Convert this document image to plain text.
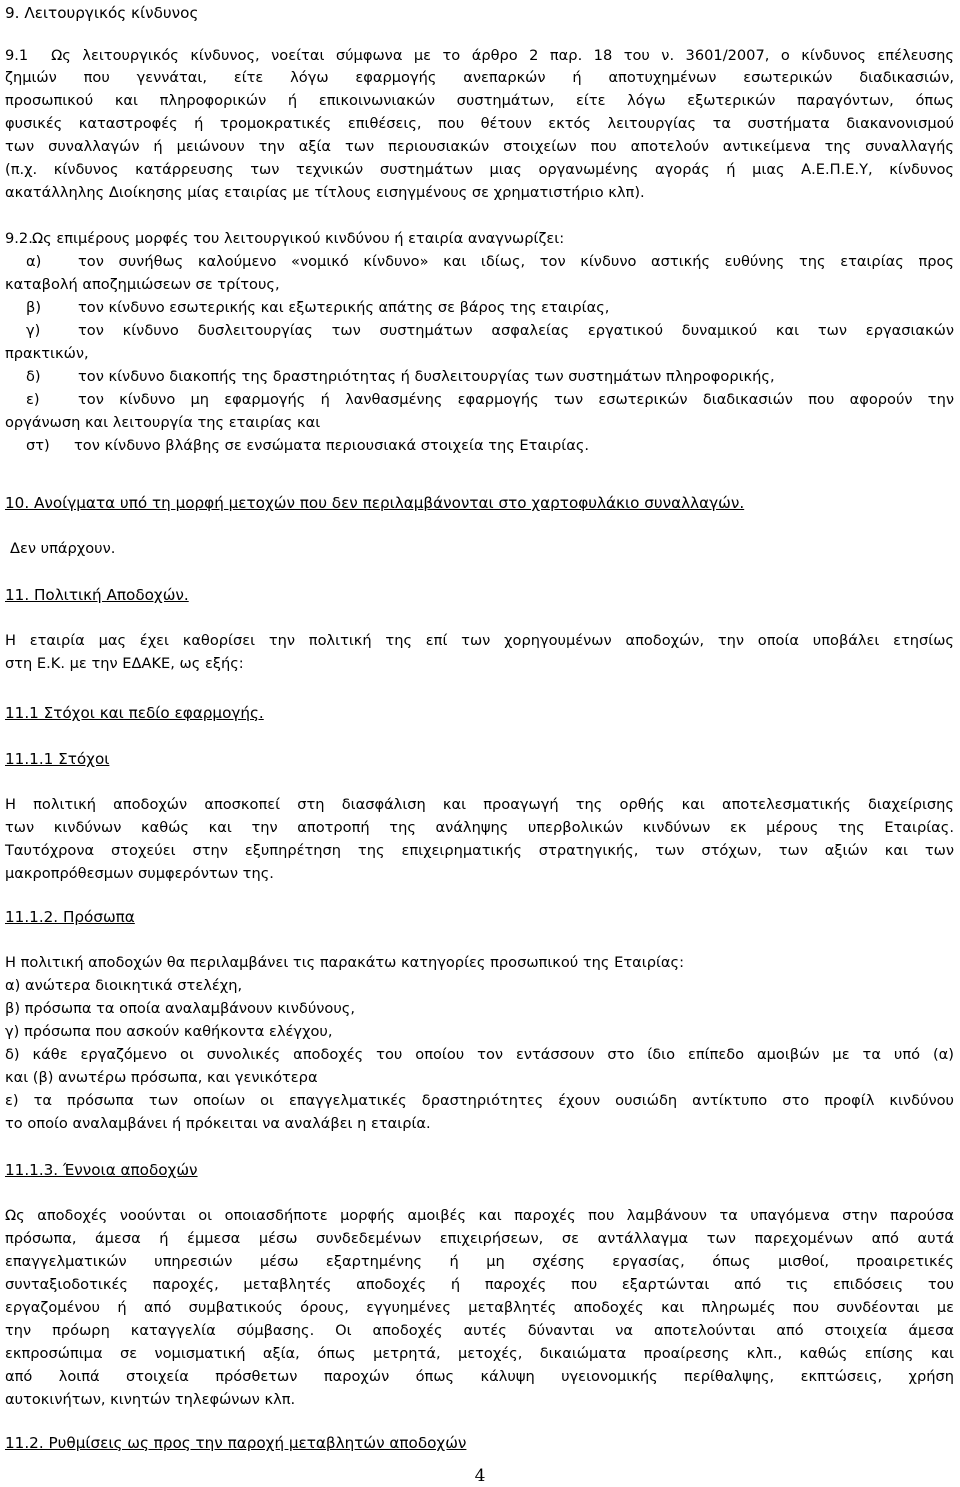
9. Λειτουργικός κίνδυνος
9.1 Ως λειτουργικός κίνδυνος, νοείται σύμφωνα με το άρθρο 2 παρ. 18 του ν. 3601/2007, ο κίνδυνος επέλευσης
ζημιών που γεννάται, είτε λόγω εφαρμογής ανεπαρκών ή αποτυχημένων εσωτερικών διαδικασιών,
προσωπικού και πληροφορικών ή επικοινωνιακών συστημάτων, είτε λόγω εξωτερικών παραγόντων, όπως
φυσικές καταστροφές ή τρομοκρατικές επιθέσεις, που θέτουν εκτός λειτουργίας τα συστήματα διακανονισμού
των συναλλαγών ή μειώνουν την αξία των περιουσιακών στοιχείων που αποτελούν αντικείμενα της συναλλαγής
(π.χ. κίνδυνος κατάρρευσης των τεχνικών συστημάτων μιας οργανωμένης αγοράς ή μιας Α.Ε.Π.Ε.Υ, κίνδυνος
ακατάλληλης Διοίκησης μίας εταιρίας με τίτλους εισηγμένους σε χρηματιστήριο κλπ).
9.2.Ως επιμέρους μορφές του λειτουργικού κινδύνου ή εταιρία αναγνωρίζει:
α)	τον συνήθως καλούμενο «νομικό κίνδυνο» και ιδίως, τον κίνδυνο αστικής ευθύνης της εταιρίας προς
καταβολή αποζημιώσεων σε τρίτους,
β)	τον κίνδυνο εσωτερικής και εξωτερικής απάτης σε βάρος της εταιρίας,
γ)	τον κίνδυνο δυσλειτουργίας των συστημάτων ασφαλείας εργατικού δυναμικού και των εργασιακών
πρακτικών,
δ)	τον κίνδυνο διακοπής της δραστηριότητας ή δυσλειτουργίας των συστημάτων πληροφορικής,
ε)	τον κίνδυνο μη εφαρμογής ή λανθασμένης εφαρμογής των εσωτερικών διαδικασιών που αφορούν την
οργάνωση και λειτουργία της εταιρίας και
στ) τον κίνδυνο βλάβης σε ενσώματα περιουσιακά στοιχεία της Εταιρίας.
10. Ανοίγματα υπό τη μορφή μετοχών που δεν περιλαμβάνονται στο χαρτοφυλάκιο συναλλαγών.
Δεν υπάρχουν.
11. Πολιτική Αποδοχών.
Η εταιρία μας έχει καθορίσει την πολιτική της επί των χορηγουμένων αποδοχών, την οποία υποβάλει ετησίως
στη Ε.Κ. με την ΕΔΑΚΕ, ως εξής:
11.1 Στόχοι και πεδίο εφαρμογής.
11.1.1 Στόχοι
Η πολιτική αποδοχών αποσκοπεί στη διασφάλιση και προαγωγή της ορθής και αποτελεσματικής διαχείρισης
των κινδύνων καθώς και την αποτροπή της ανάληψης υπερβολικών κινδύνων εκ μέρους της Εταιρίας.
Ταυτόχρονα στοχεύει στην εξυπηρέτηση της επιχειρηματικής στρατηγικής, των στόχων, των αξιών και των
μακροπρόθεσμων συμφερόντων της.
11.1.2. Πρόσωπα
Η πολιτική αποδοχών θα περιλαμβάνει τις παρακάτω κατηγορίες προσωπικού της Εταιρίας:
α) ανώτερα διοικητικά στελέχη,
β) πρόσωπα τα οποία αναλαμβάνουν κινδύνους,
γ) πρόσωπα που ασκούν καθήκοντα ελέγχου,
δ) κάθε εργαζόμενο οι συνολικές αποδοχές του οποίου τον εντάσσουν στο ίδιο επίπεδο αμοιβών με τα υπό (α)
και (β) ανωτέρω πρόσωπα, και γενικότερα
ε) τα πρόσωπα των οποίων οι επαγγελματικές δραστηριότητες έχουν ουσιώδη αντίκτυπο στο προφίλ κινδύνου
το οποίο αναλαμβάνει ή πρόκειται να αναλάβει η εταιρία.
11.1.3. Έννοια αποδοχών
Ως αποδοχές νοούνται οι οποιασδήποτε μορφής αμοιβές και παροχές που λαμβάνουν τα υπαγόμενα στην παρούσα
πρόσωπα, άμεσα ή έμμεσα μέσω συνδεδεμένων επιχειρήσεων, σε αντάλλαγμα των παρεχομένων από αυτά
επαγγελματικών υπηρεσιών μέσω εξαρτημένης ή μη σχέσης εργασίας, όπως μισθοί, προαιρετικές
συνταξιοδοτικές παροχές, μεταβλητές αποδοχές ή παροχές που εξαρτώνται από τις επιδόσεις του
εργαζομένου ή από συμβατικούς όρους, εγγυημένες μεταβλητές αποδοχές και πληρωμές που συνδέονται με
την πρόωρη καταγγελία σύμβασης. Οι αποδοχές αυτές δύνανται να αποτελούνται από στοιχεία άμεσα
εκπροσώπιμα σε νομισματική αξία, όπως μετρητά, μετοχές, δικαιώματα προαίρεσης κλπ., καθώς επίσης και
από λοιπά στοιχεία πρόσθετων παροχών όπως κάλυψη υγειονομικής περίθαλψης, εκπτώσεις, χρήση
αυτοκινήτων, κινητών τηλεφώνων κλπ.
11.2. Ρυθμίσεις ως προς την παροχή μεταβλητών αποδοχών
4
